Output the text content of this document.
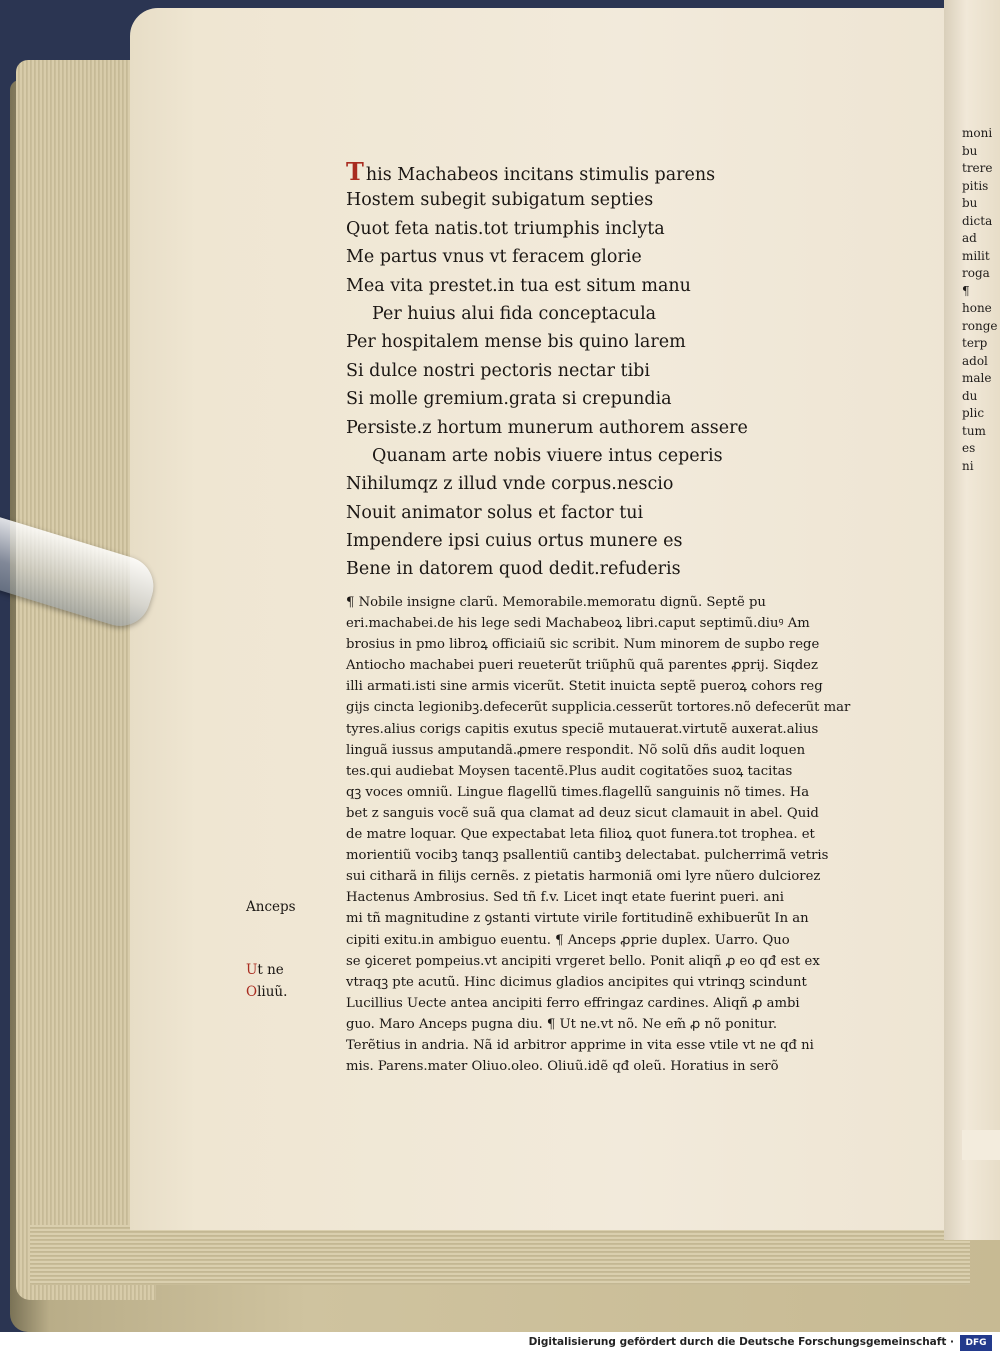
T his Machabeos incitans stimulis parens
Hostem subegit subigatum septies
Quot feta natis.tot triumphis inclyta
Me partus vnus vt feracem glorie
Mea vita prestet.in tua est situm manu
Per huius alui fida conceptacula
Per hospitalem mense bis quino larem
Si dulce nostri pectoris nectar tibi
Si molle gremium.grata si crepundia
Persiste.z hortum munerum authorem assere
Quanam arte nobis viuere intus ceperis
Nihilumqz z illud vnde corpus.nescio
Nouit animator solus et factor tui
Impendere ipsi cuius ortus munere es
Bene in datorem quod dedit.refuderis
¶ Nobile insigne clarũ. Memorabile.memoratu dignũ. Septẽ pu
eri.machabei.de his lege sedi Machabeoꝝ libri.caput septimũ.diuꝰ Am
brosius in pmo libroꝝ officiaiũ sic scribit. Num minorem de supbo rege
Antiocho machabei pueri reueterũt triũphũ quã parentes ꝓprij. Siqdez
illi armati.isti sine armis vicerũt. Stetit inuicta septẽ pueroꝝ cohors reg
gijs cincta legionibꝫ.defecerũt supplicia.cesserũt tortores.nõ defecerũt mar
tyres.alius corigs capitis exutus speciẽ mutauerat.virtutẽ auxerat.alius
linguã iussus amputandã.ꝓmere respondit. Nõ solũ dñs audit loquen
tes.qui audiebat Moysen tacentẽ.Plus audit cogitatões suoꝝ tacitas
qꝫ voces omniũ. Lingue flagellũ times.flagellũ sanguinis nõ times. Ha
bet z sanguis vocẽ suã qua clamat ad deuz sicut clamauit in abel. Quid
de matre loquar. Que expectabat leta filioꝝ quot funera.tot trophea. et
morientiũ vocibꝫ tanqꝫ psallentiũ cantibꝫ delectabat. pulcherrimã vetris
sui citharã in filijs cernẽs. z pietatis harmoniã omi lyre nũero dulciorez
Hactenus Ambrosius. Sed tñ f.v. Licet inqt etate fuerint pueri. ani
mi tñ magnitudine z ꝯstanti virtute virile fortitudinẽ exhibuerũt In an
cipiti exitu.in ambiguo euentu. ¶ Anceps ꝓprie duplex. Uarro. Quo
se ꝯiceret pompeius.vt ancipiti vrgeret bello. Ponit aliqñ ꝓ eo qđ est ex
vtraqꝫ pte acutũ. Hinc dicimus gladios ancipites qui vtrinqꝫ scindunt
Lucillius Uecte antea ancipiti ferro effringaz cardines. Aliqñ ꝓ ambi
guo. Maro Anceps pugna diu. ¶ Ut ne.vt nõ. Ne em̃ ꝓ nõ ponitur.
Terẽtius in andria. Nã id arbitror apprime in vita esse vtile vt ne qđ ni
mis. Parens.mater Oliuo.oleo. Oliuũ.idẽ qđ oleũ. Horatius in serõ
Anceps
Ut ne
Oliuũ.
moni
bu
trere
pitis
bu
dicta
ad
milit
roga
¶
hone
ronge
terp
adol
male
du
plic
tum
es
ni
Digitalisierung gefördert durch die Deutsche Forschungsgemeinschaft ·	DFG
